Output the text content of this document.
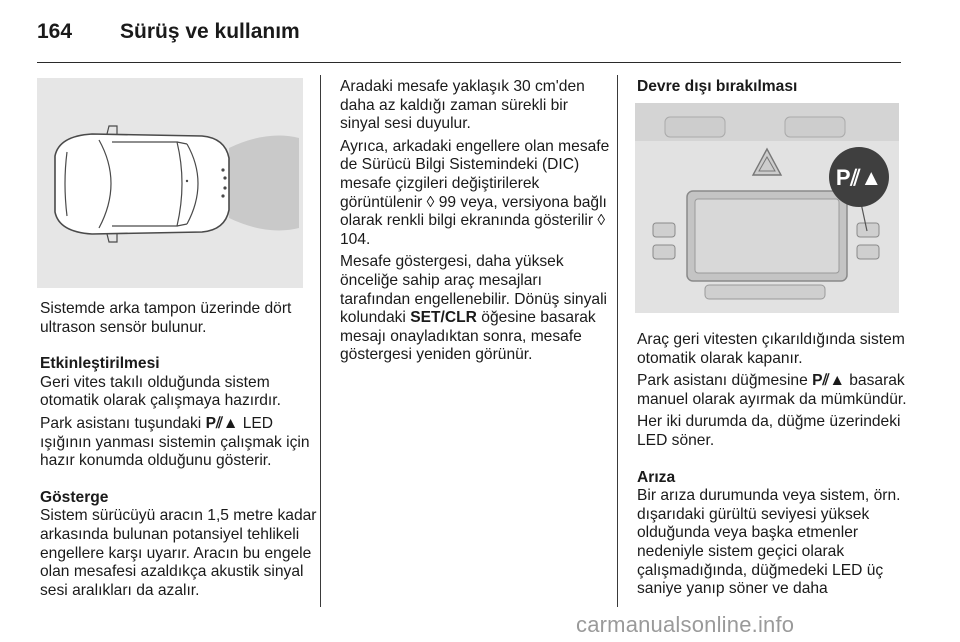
164 Sürüş ve kullanım

Sistemde arka tampon üzerinde dört ultrason sensör bulunur.

Etkinleştirilmesi

Geri vites takılı olduğunda sistem otomatik olarak çalışmaya hazırdır.

Park asistanı tuşundaki P⫽▲ LED ışığının yanması sistemin çalışmak için hazır konumda olduğunu gösterir.

Gösterge

Sistem sürücüyü aracın 1,5 metre kadar arkasında bulunan potansiyel tehlikeli engellere karşı uyarır. Aracın bu engele olan mesafesi azaldıkça akustik sinyal sesi aralıkları da azalır.

Aradaki mesafe yaklaşık 30 cm'den daha az kaldığı zaman sürekli bir sinyal sesi duyulur.

Ayrıca, arkadaki engellere olan mesafe de Sürücü Bilgi Sistemindeki (DIC) mesafe çizgileri değiştirilerek görüntülenir ◊ 99 veya, versiyona bağlı olarak renkli bilgi ekranında gösterilir ◊ 104.

Mesafe göstergesi, daha yüksek önceliğe sahip araç mesajları tarafından engellenebilir. Dönüş sinyali kolundaki SET/CLR öğesine basarak mesajı onayladıktan sonra, mesafe göstergesi yeniden görünür.

Devre dışı bırakılması
P⫽▲

Araç geri vitesten çıkarıldığında sistem otomatik olarak kapanır.

Park asistanı düğmesine P⫽▲ basarak manuel olarak ayırmak da mümkündür.

Her iki durumda da, düğme üzerindeki LED söner.

Arıza

Bir arıza durumunda veya sistem, örn. dışarıdaki gürültü seviyesi yüksek olduğunda veya başka etmenler nedeniyle sistem geçici olarak çalışmadığında, düğmedeki LED üç saniye yanıp söner ve daha

carmanualsonline.info
